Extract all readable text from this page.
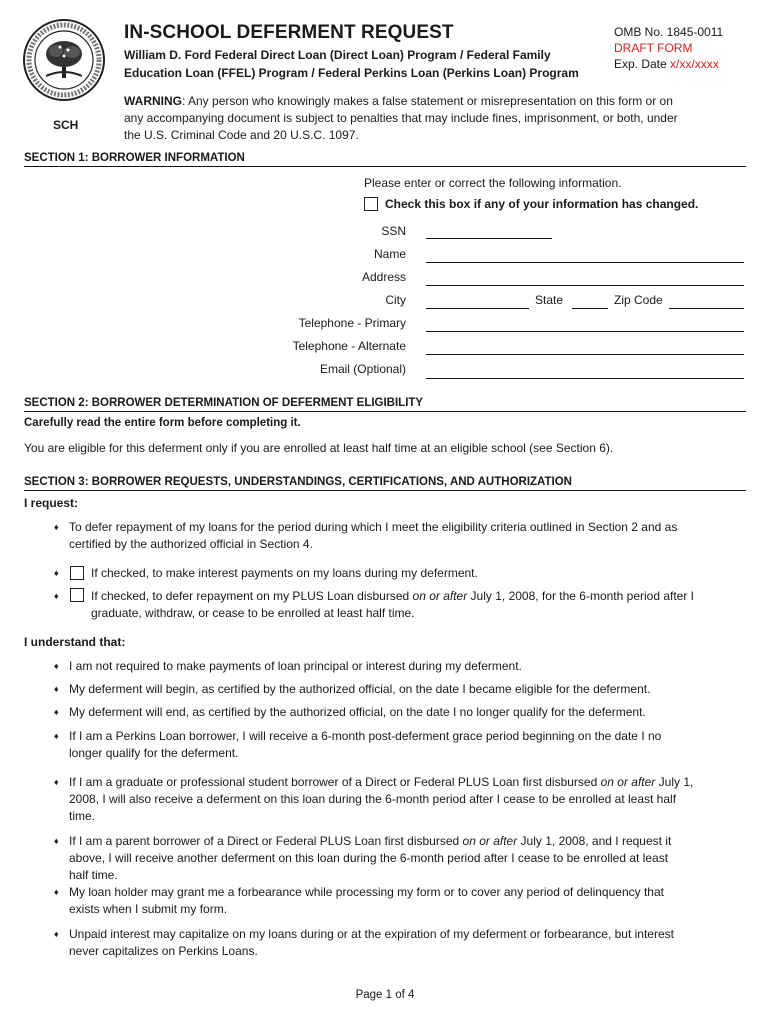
SCH
IN-SCHOOL DEFERMENT REQUEST
William D. Ford Federal Direct Loan (Direct Loan) Program / Federal Family
Education Loan (FFEL) Program / Federal Perkins Loan (Perkins Loan) Program
OMB No. 1845-0011
DRAFT FORM
Exp. Date x/xx/xxxx
WARNING: Any person who knowingly makes a false statement or misrepresentation on this form or on
any accompanying document is subject to penalties that may include fines, imprisonment, or both, under
the U.S. Criminal Code and 20 U.S.C. 1097.
SECTION 1: BORROWER INFORMATION
Please enter or correct the following information.
Check this box if any of your information has changed.
SSN
Name
Address
City	State	Zip Code
Telephone - Primary
Telephone - Alternate
Email (Optional)
SECTION 2: BORROWER DETERMINATION OF DEFERMENT ELIGIBILITY
Carefully read the entire form before completing it.
You are eligible for this deferment only if you are enrolled at least half time at an eligible school (see Section 6).
SECTION 3: BORROWER REQUESTS, UNDERSTANDINGS, CERTIFICATIONS, AND AUTHORIZATION
I request:
♦ To defer repayment of my loans for the period during which I meet the eligibility criteria outlined in Section 2 and as
certified by the authorized official in Section 4.
♦	If checked, to make interest payments on my loans during my deferment.
♦	If checked, to defer repayment on my PLUS Loan disbursed on or after July 1, 2008, for the 6-month period after I
graduate, withdraw, or cease to be enrolled at least half time.
I understand that:
♦ I am not required to make payments of loan principal or interest during my deferment.
♦ My deferment will begin, as certified by the authorized official, on the date I became eligible for the deferment.
♦ My deferment will end, as certified by the authorized official, on the date I no longer qualify for the deferment.
♦ If I am a Perkins Loan borrower, I will receive a 6-month post-deferment grace period beginning on the date I no
longer qualify for the deferment.
♦ If I am a graduate or professional student borrower of a Direct or Federal PLUS Loan first disbursed on or after July 1,
2008, I will also receive a deferment on this loan during the 6-month period after I cease to be enrolled at least half
time.
♦ If I am a parent borrower of a Direct or Federal PLUS Loan first disbursed on or after July 1, 2008, and I request it
above, I will receive another deferment on this loan during the 6-month period after I cease to be enrolled at least
half time.
♦ My loan holder may grant me a forbearance while processing my form or to cover any period of delinquency that
exists when I submit my form.
♦ Unpaid interest may capitalize on my loans during or at the expiration of my deferment or forbearance, but interest
never capitalizes on Perkins Loans.
Page 1 of 4
